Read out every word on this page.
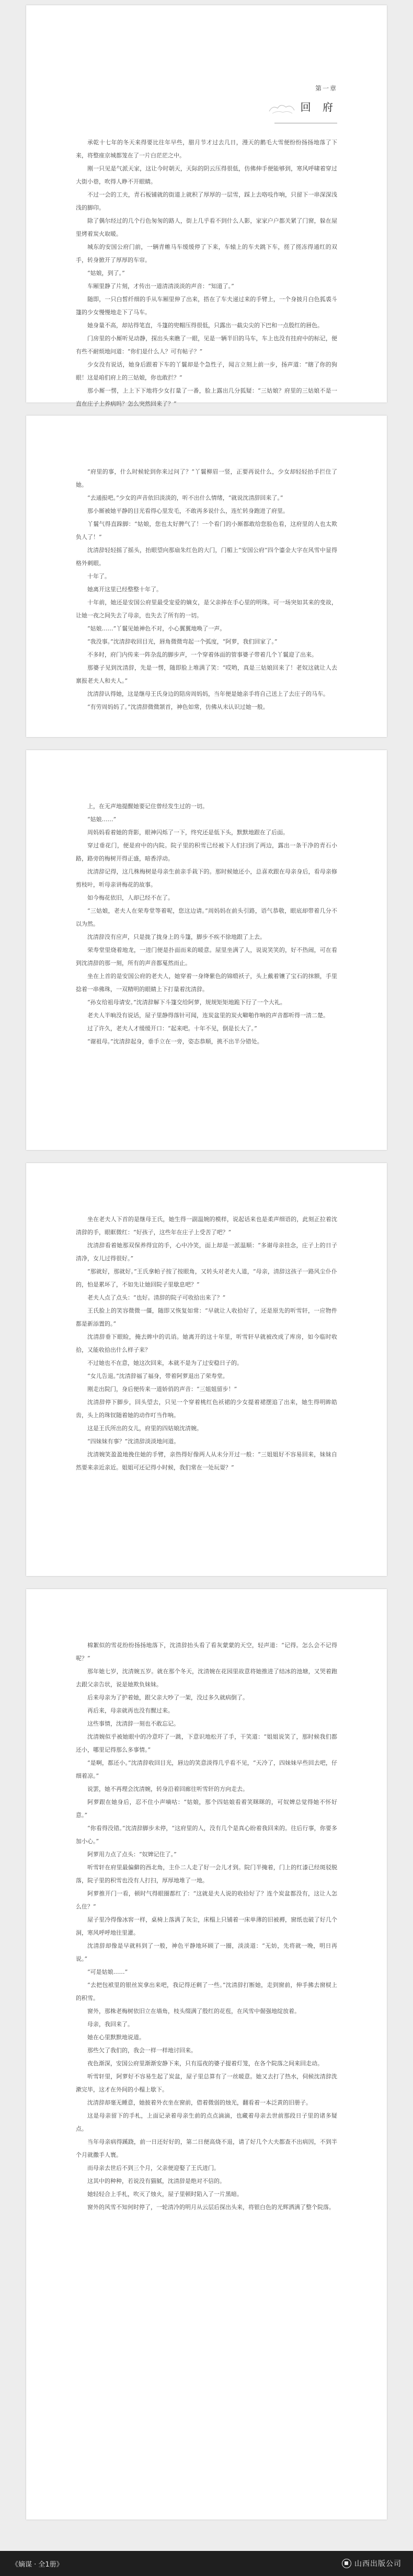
第一章
回 府

承乾十七年的冬天来得要比往年早些，腊月节才过去几日，漫天的鹅毛大雪便纷纷扬扬地落了下来，将整座京城都笼在了一片白茫茫之中。

刚一只见是气派天家，这让今时朝天，天际的阴云压得很低，仿佛伸手便能够到，寒风呼啸着穿过大街小巷，吹得人睁不开眼睛。

不过一会的工夫，青石板铺就的街道上就积了厚厚的一层雪，踩上去咯吱作响，只留下一串深深浅浅的脚印。

除了偶尔经过的几个行色匆匆的路人，街上几乎看不到什么人影，家家户户都关紧了门窗，躲在屋里烤着炭火取暖。

城东的安国公府门前，一辆青帷马车缓缓停了下来，车辕上的车夫跳下车，搓了搓冻得通红的双手，转身掀开了厚厚的车帘。

“姑娘，到了。”

车厢里静了片刻，才传出一道清清淡淡的声音：“知道了。”

随即，一只白皙纤细的手从车厢里伸了出来，搭在了车夫递过来的手臂上，一个身披月白色狐裘斗篷的少女慢慢地走下了马车。

她身量不高，却站得笔直，斗篷的兜帽压得很低，只露出一截尖尖的下巴和一点殷红的唇色。

门房里的小厮听见动静，探出头来瞧了一眼，见是一辆半旧的马车，车上也没有挂府中的标记，便有些不耐烦地问道：“你们是什么人？可有帖子？”

少女没有说话，她身后跟着下车的丫鬟却是个急性子，闻言立刻上前一步，扬声道：“瞎了你的狗眼！这是咱们府上的三姑娘，你也敢拦？”

那小厮一愣，上上下下地将少女打量了一番，脸上露出几分狐疑：“三姑娘？府里的三姑娘不是一直在庄子上养病吗？怎么突然回来了？”

“府里的事，什么时候轮到你来过问了？”丫鬟柳眉一竖，正要再说什么，少女却轻轻抬手拦住了她。

“去通报吧。”少女的声音依旧淡淡的，听不出什么情绪，“就说沈清辞回来了。”

那小厮被她平静的目光看得心里发毛，不敢再多说什么，连忙转身跑进了府里。

丫鬟气得直跺脚：“姑娘，您也太好脾气了！一个看门的小厮都敢给您脸色看，这府里的人也太欺负人了！”

沈清辞轻轻摇了摇头，抬眼望向那扇朱红色的大门，门楣上“安国公府”四个鎏金大字在风雪中显得格外刺眼。

十年了。

她离开这里已经整整十年了。

十年前，她还是安国公府里最受宠爱的嫡女，是父亲捧在手心里的明珠。可一场突如其来的变故，让她一夜之间失去了母亲，也失去了所有的一切。

“姑娘……”丫鬟见她神色不对，小心翼翼地唤了一声。

“我没事。”沈清辞收回目光，唇角微微弯起一个弧度，“阿萝，我们回家了。”

不多时，府门内传来一阵杂乱的脚步声，一个穿着体面的管事婆子带着几个丫鬟迎了出来。

那婆子见到沈清辞，先是一愣，随即脸上堆满了笑：“哎哟，真是三姑娘回来了！老奴这就让人去禀报老夫人和夫人。”

沈清辞认得她，这是继母王氏身边的陪房周妈妈，当年便是她亲手将自己送上了去庄子的马车。

“有劳周妈妈了。”沈清辞微微颔首，神色如常，仿佛从未认识过她一般。

上，在无声地提醒她要记住曾经发生过的一切。

“姑娘……”

周妈妈看着她的背影，眼神闪烁了一下，终究还是低下头，默默地跟在了后面。

穿过垂花门，便是府中的内院。院子里的积雪已经被下人们扫到了两边，露出一条干净的青石小路，路旁的梅树开得正盛，暗香浮动。

沈清辞记得，这几株梅树是母亲生前亲手栽下的。那时候她还小，总喜欢跟在母亲身后，看母亲修剪枝叶，听母亲讲梅花的故事。

如今梅花依旧，人却已经不在了。

“三姑娘，老夫人在荣寿堂等着呢，您这边请。”周妈妈在前头引路，语气恭敬，眼底却带着几分不以为然。

沈清辞没有应声，只是拢了拢身上的斗篷，脚步不疾不徐地跟了上去。

荣寿堂里烧着地龙，一进门便是扑面而来的暖意。屋里坐满了人，说说笑笑的，好不热闹，可在看到沈清辞的那一刻，所有的声音都戛然而止。

坐在上首的是安国公府的老夫人，她穿着一身绛紫色的锦缎袄子，头上戴着镶了宝石的抹额，手里捻着一串佛珠，一双精明的眼睛上下打量着沈清辞。

“孙女给祖母请安。”沈清辞解下斗篷交给阿萝，规规矩矩地跪下行了一个大礼。

老夫人半晌没有说话，屋子里静得落针可闻，连炭盆里的炭火噼啪作响的声音都听得一清二楚。

过了许久，老夫人才缓缓开口：“起来吧。十年不见，倒是长大了。”

“谢祖母。”沈清辞起身，垂手立在一旁，姿态恭顺，挑不出半分错处。

坐在老夫人下首的是继母王氏，她生得一副温婉的模样，说起话来也是柔声细语的，此刻正拉着沈清辞的手，眼眶微红：“好孩子，这些年在庄子上受苦了吧？”

沈清辞看着她那双保养得宜的手，心中冷笑，面上却是一派温顺：“多谢母亲挂念，庄子上的日子清净，女儿过得很好。”

“那就好，那就好。”王氏拿帕子按了按眼角，又转头对老夫人道，“母亲，清辞这孩子一路风尘仆仆的，怕是累坏了，不如先让她回院子里歇息吧？”

老夫人点了点头：“也好。清辞的院子可收拾出来了？”

王氏脸上的笑容微微一僵，随即又恢复如常：“早就让人收拾好了，还是原先的听雪轩，一应物件都是新添置的。”

沈清辞垂下眼睑，掩去眸中的讥诮。她离开的这十年里，听雪轩早就被改成了库房，如今临时收拾，又能收拾出什么样子来？

不过她也不在意，她这次回来，本就不是为了过安稳日子的。

“女儿告退。”沈清辞福了福身，带着阿萝退出了荣寿堂。

刚走出院门，身后便传来一道娇俏的声音：“三姐姐留步！”

沈清辞停下脚步，回头望去，只见一个穿着桃红色袄裙的少女提着裙摆追了出来，她生得明眸皓齿，头上的珠钗随着她的动作叮当作响。

这是王氏所出的女儿，府里的四姑娘沈清婉。

“四妹妹有事？”沈清辞淡淡地问道。

沈清婉笑盈盈地挽住她的手臂，亲热得好像两人从未分开过一般：“三姐姐好不容易回来，妹妹自然要来亲近亲近。姐姐可还记得小时候，我们常在一处玩耍？”

棉絮似的雪花纷纷扬扬地落下，沈清辞抬头看了看灰蒙蒙的天空，轻声道：“记得。怎么会不记得呢？”

那年她七岁，沈清婉五岁。就在那个冬天，沈清婉在花园里故意将她推进了结冰的池塘，又哭着跑去跟父亲告状，说是她欺负妹妹。

后来母亲为了护着她，跟父亲大吵了一架，没过多久就病倒了。

再后来，母亲就再也没有醒过来。

这些事情，沈清辞一刻也不敢忘记。

沈清婉似乎被她眼中的冷意吓了一跳，下意识地松开了手，干笑道：“姐姐说笑了，那时候我们都还小，哪里记得那么多事情。”

“是啊，都还小。”沈清辞收回目光，唇边的笑意淡得几乎看不见，“天冷了，四妹妹早些回去吧，仔细着凉。”

说罢，她不再理会沈清婉，转身沿着回廊往听雪轩的方向走去。

阿萝跟在她身后，忍不住小声嘀咕：“姑娘，那个四姑娘看着笑眯眯的，可奴婢总觉得她不怀好意。”

“你看得没错。”沈清辞脚步未停，“这府里的人，没有几个是真心盼着我回来的。往后行事，你要多加小心。”

阿萝用力点了点头：“奴婢记住了。”

听雪轩在府里最偏僻的西北角，主仆二人走了好一会儿才到。院门半掩着，门上的红漆已经斑驳脱落，院子里的积雪也没有人打扫，厚厚地堆了一地。

阿萝推开门一看，顿时气得眼圈都红了：“这就是夫人说的收拾好了？连个炭盆都没有，这让人怎么住？”

屋子里冷得像冰窖一样，桌椅上落满了灰尘，床榻上只铺着一床单薄的旧被褥，窗纸也破了好几个洞，寒风呼呼地往里灌。

沈清辞却像是早就料到了一般，神色平静地环顾了一圈，淡淡道：“无妨，先将就一晚，明日再说。”

“可是姑娘……”

“去把包袱里的银丝炭拿出来吧，我记得还剩了一些。”沈清辞打断她，走到窗前，伸手拂去窗棂上的积雪。

窗外，那株老梅树依旧立在墙角，枝头缀满了殷红的花苞，在风雪中倔强地绽放着。

母亲，我回来了。

她在心里默默地说道。

那些欠了我们的，我会一样一样地讨回来。

夜色渐深，安国公府里渐渐安静下来，只有巡夜的婆子提着灯笼，在各个院落之间来回走动。

听雪轩里，阿萝好不容易生起了炭盆，屋子里总算有了一丝暖意。她又去打了热水，伺候沈清辞洗漱完毕，这才在外间的小榻上歇下。

沈清辞却毫无睡意，她披着外衣坐在窗前，借着微弱的烛光，翻看着一本泛黄的旧册子。

这是母亲留下的手札，上面记录着母亲生前的点点滴滴，也藏着母亲去世前那段日子里的诸多疑点。

当年母亲病得蹊跷，前一日还好好的，第二日便高烧不退，请了好几个大夫都查不出病因，不到半个月就撒手人寰。

而母亲去世后不到三个月，父亲便迎娶了王氏进门。

这其中的种种，若说没有猫腻，沈清辞是绝对不信的。

她轻轻合上手札，吹灭了烛火，屋子里顿时陷入了一片黑暗。

窗外的风雪不知何时停了，一轮清冷的明月从云层后探出头来，将银白色的光辉洒满了整个院落。

《嫡谋 · 全1册》	山西出版公司
